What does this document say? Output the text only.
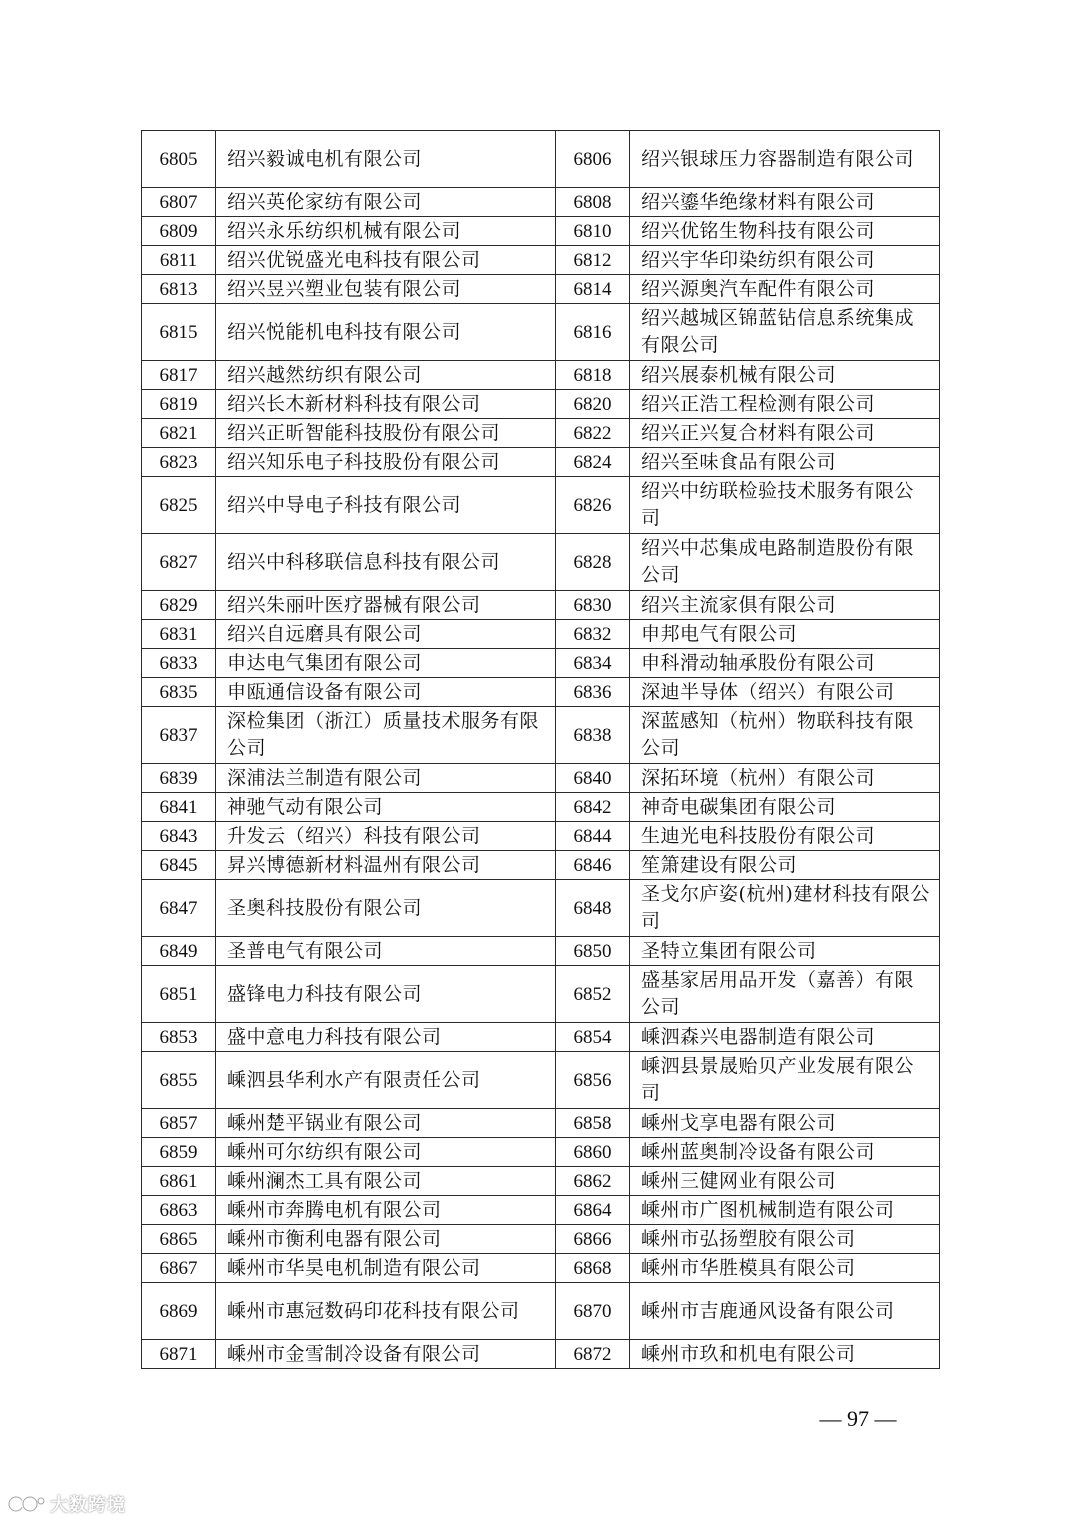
6805	绍兴毅诚电机有限公司	6806	绍兴银球压力容器制造有限公司
6807	绍兴英伦家纺有限公司	6808	绍兴鎏华绝缘材料有限公司
6809	绍兴永乐纺织机械有限公司	6810	绍兴优铭生物科技有限公司
6811	绍兴优锐盛光电科技有限公司	6812	绍兴宇华印染纺织有限公司
6813	绍兴昱兴塑业包装有限公司	6814	绍兴源奥汽车配件有限公司
6815	绍兴悦能机电科技有限公司	6816	绍兴越城区锦蓝钻信息系统集成有限公司
6817	绍兴越然纺织有限公司	6818	绍兴展泰机械有限公司
6819	绍兴长木新材料科技有限公司	6820	绍兴正浩工程检测有限公司
6821	绍兴正昕智能科技股份有限公司	6822	绍兴正兴复合材料有限公司
6823	绍兴知乐电子科技股份有限公司	6824	绍兴至味食品有限公司
6825	绍兴中导电子科技有限公司	6826	绍兴中纺联检验技术服务有限公司
6827	绍兴中科移联信息科技有限公司	6828	绍兴中芯集成电路制造股份有限公司
6829	绍兴朱丽叶医疗器械有限公司	6830	绍兴主流家俱有限公司
6831	绍兴自远磨具有限公司	6832	申邦电气有限公司
6833	申达电气集团有限公司	6834	申科滑动轴承股份有限公司
6835	申瓯通信设备有限公司	6836	深迪半导体（绍兴）有限公司
6837	深检集团（浙江）质量技术服务有限公司	6838	深蓝感知（杭州）物联科技有限公司
6839	深浦法兰制造有限公司	6840	深拓环境（杭州）有限公司
6841	神驰气动有限公司	6842	神奇电碳集团有限公司
6843	升发云（绍兴）科技有限公司	6844	生迪光电科技股份有限公司
6845	昇兴博德新材料温州有限公司	6846	笙箫建设有限公司
6847	圣奥科技股份有限公司	6848	圣戈尔庐姿(杭州)建材科技有限公司
6849	圣普电气有限公司	6850	圣特立集团有限公司
6851	盛锋电力科技有限公司	6852	盛基家居用品开发（嘉善）有限公司
6853	盛中意电力科技有限公司	6854	嵊泗森兴电器制造有限公司
6855	嵊泗县华利水产有限责任公司	6856	嵊泗县景晟贻贝产业发展有限公司
6857	嵊州楚平锅业有限公司	6858	嵊州戈享电器有限公司
6859	嵊州可尔纺织有限公司	6860	嵊州蓝奥制冷设备有限公司
6861	嵊州澜杰工具有限公司	6862	嵊州三健网业有限公司
6863	嵊州市奔腾电机有限公司	6864	嵊州市广图机械制造有限公司
6865	嵊州市衡利电器有限公司	6866	嵊州市弘扬塑胶有限公司
6867	嵊州市华昊电机制造有限公司	6868	嵊州市华胜模具有限公司
6869	嵊州市惠冠数码印花科技有限公司	6870	嵊州市吉鹿通风设备有限公司
6871	嵊州市金雪制冷设备有限公司	6872	嵊州市玖和机电有限公司
— 97 —
大数跨境
